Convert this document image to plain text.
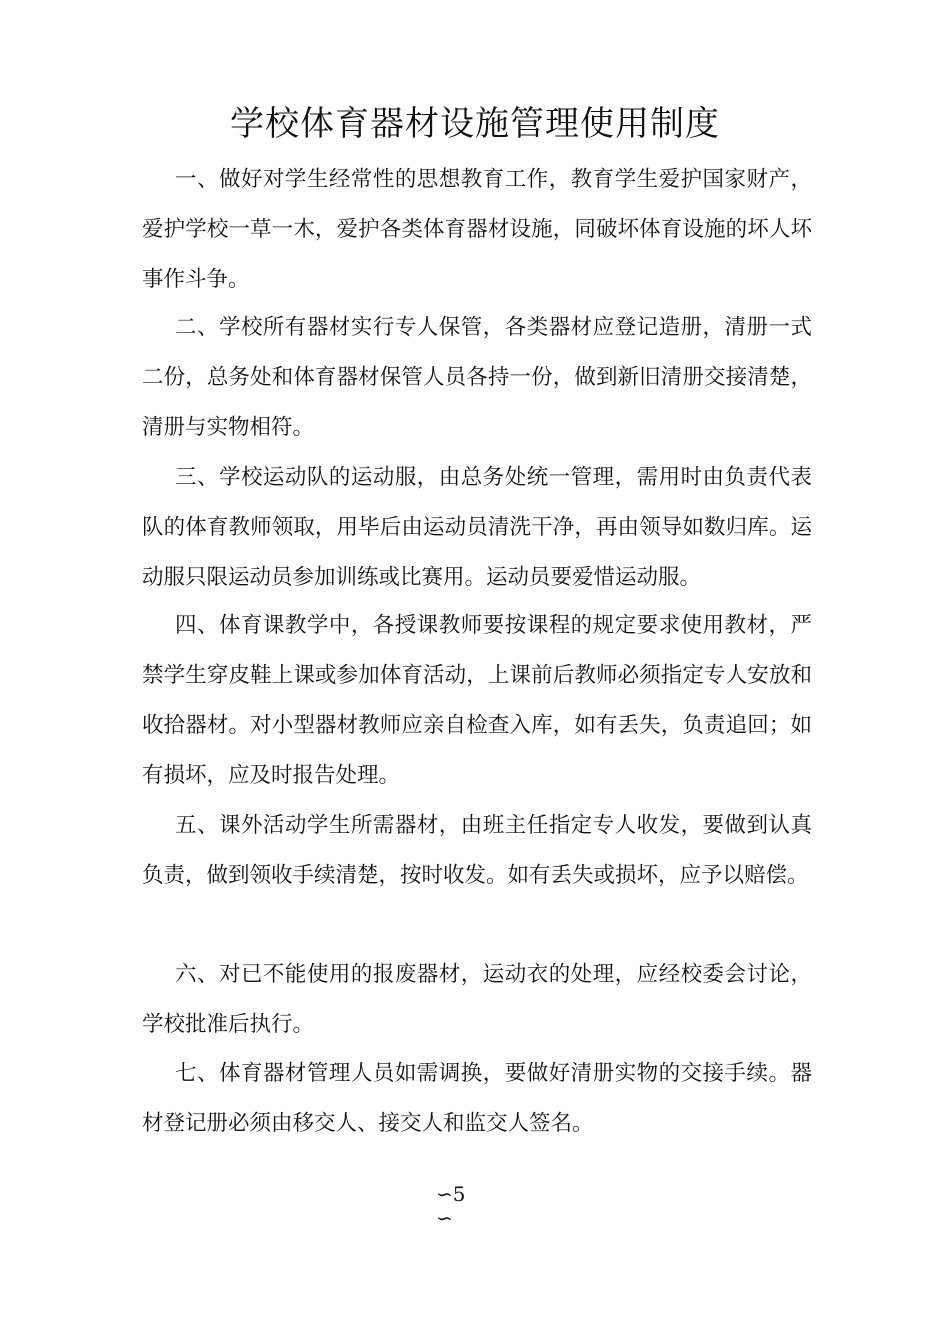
学校体育器材设施管理使用制度

一、做好对学生经常性的思想教育工作，教育学生爱护国家财产，爱护学校一草一木，爱护各类体育器材设施，同破坏体育设施的坏人坏事作斗争。

二、学校所有器材实行专人保管，各类器材应登记造册，清册一式二份，总务处和体育器材保管人员各持一份，做到新旧清册交接清楚，清册与实物相符。

三、学校运动队的运动服，由总务处统一管理，需用时由负责代表队的体育教师领取，用毕后由运动员清洗干净，再由领导如数归库。运动服只限运动员参加训练或比赛用。运动员要爱惜运动服。

四、体育课教学中，各授课教师要按课程的规定要求使用教材，严禁学生穿皮鞋上课或参加体育活动，上课前后教师必须指定专人安放和收拾器材。对小型器材教师应亲自检查入库，如有丢失，负责追回；如有损坏，应及时报告处理。

五、课外活动学生所需器材，由班主任指定专人收发，要做到认真负责，做到领收手续清楚，按时收发。如有丢失或损坏，应予以赔偿。

六、对已不能使用的报废器材，运动衣的处理，应经校委会讨论，学校批准后执行。

七、体育器材管理人员如需调换，要做好清册实物的交接手续。器材登记册必须由移交人、接交人和监交人签名。

∽5
∽
